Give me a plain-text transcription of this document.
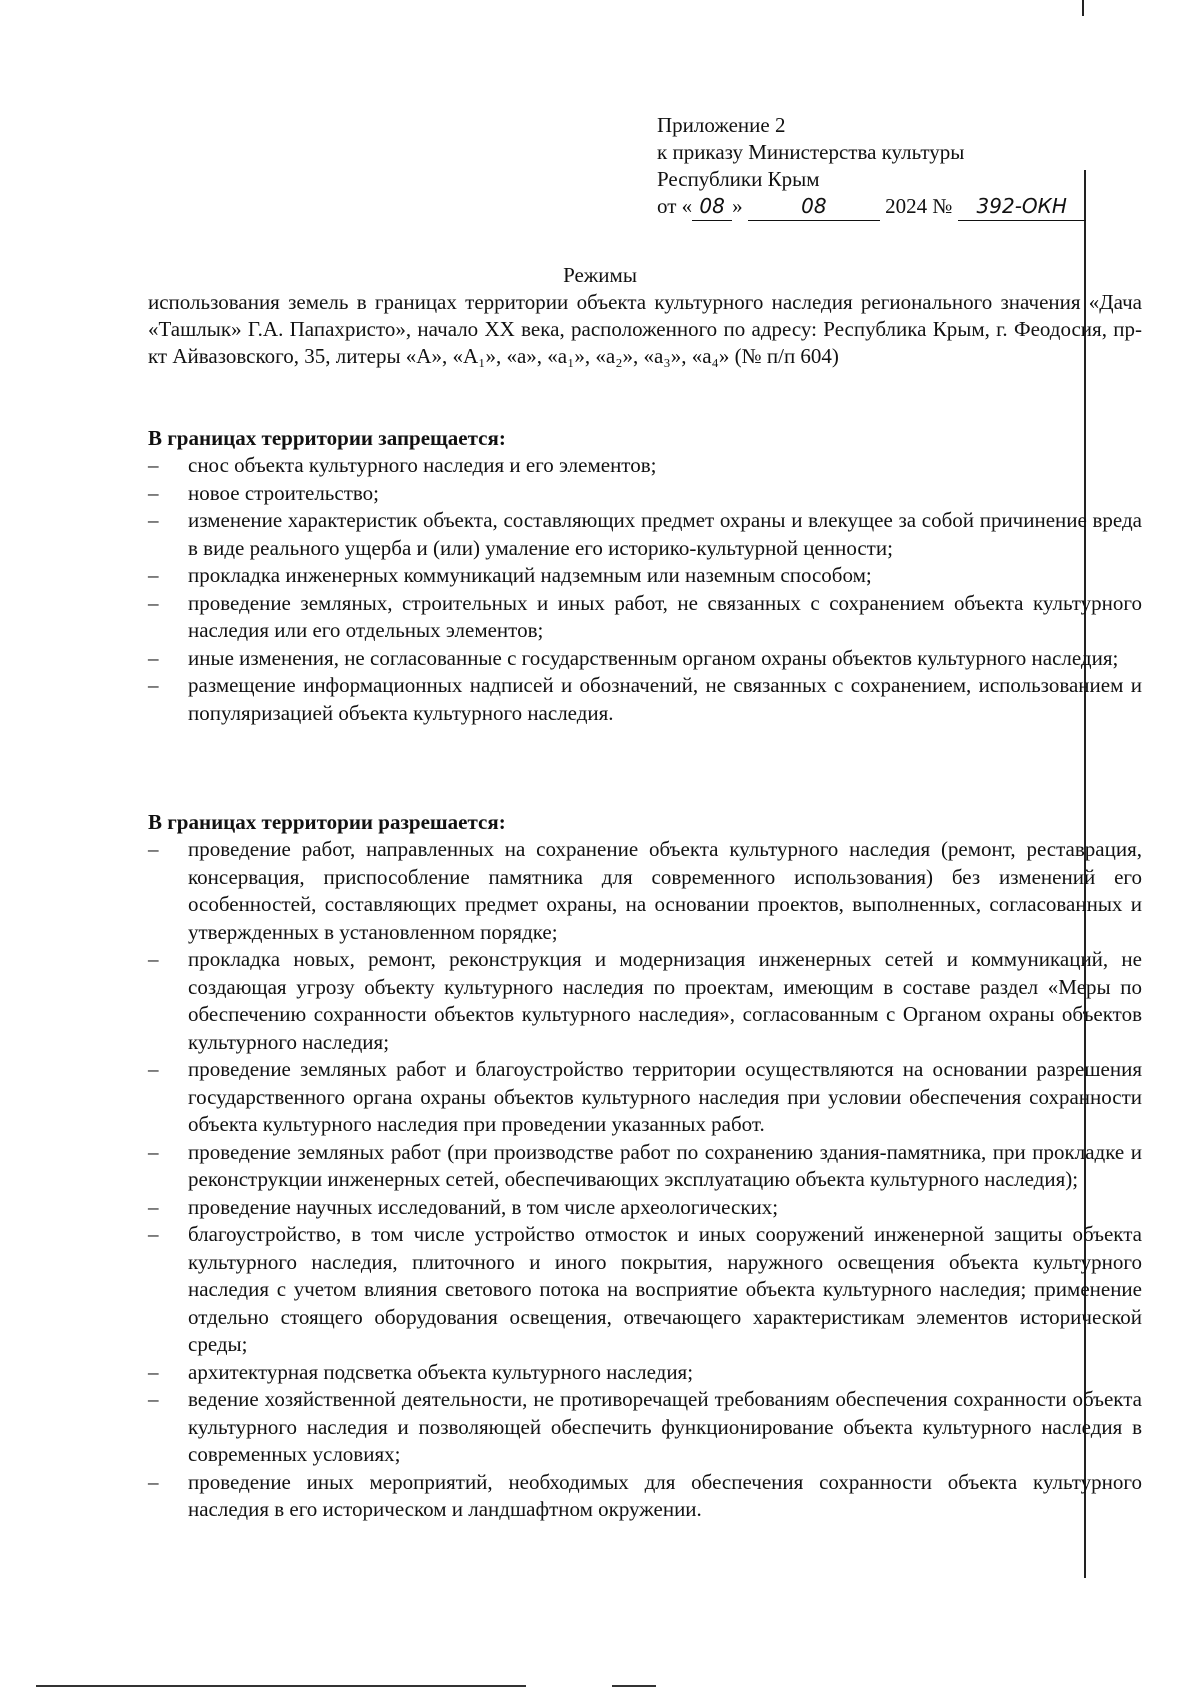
Приложение 2
к приказу Министерства культуры
Республики Крым
от « 08 »	08	2024 № 392-ОКН
Режимы

использования земель в границах территории объекта культурного наследия регионального значения «Дача «Ташлык» Г.А. Папахристо», начало XX века, расположенного по адресу: Республика Крым, г. Феодосия, пр-кт Айвазовского, 35, литеры «А», «А₁», «а», «а₁», «а₂», «а₃», «а₄» (№ п/п 604)

В границах территории запрещается:

– снос объекта культурного наследия и его элементов;
– новое строительство;
– изменение характеристик объекта, составляющих предмет охраны и влекущее за собой причинение вреда в виде реального ущерба и (или) умаление его историко-культурной ценности;
– прокладка инженерных коммуникаций надземным или наземным способом;
– проведение земляных, строительных и иных работ, не связанных с сохранением объекта культурного наследия или его отдельных элементов;
– иные изменения, не согласованные с государственным органом охраны объектов культурного наследия;
– размещение информационных надписей и обозначений, не связанных с сохранением, использованием и популяризацией объекта культурного наследия.

В границах территории разрешается:

– проведение работ, направленных на сохранение объекта культурного наследия (ремонт, реставрация, консервация, приспособление памятника для современного использования) без изменений его особенностей, составляющих предмет охраны, на основании проектов, выполненных, согласованных и утвержденных в установленном порядке;
– прокладка новых, ремонт, реконструкция и модернизация инженерных сетей и коммуникаций, не создающая угрозу объекту культурного наследия по проектам, имеющим в составе раздел «Меры по обеспечению сохранности объектов культурного наследия», согласованным с Органом охраны объектов культурного наследия;
– проведение земляных работ и благоустройство территории осуществляются на основании разрешения государственного органа охраны объектов культурного наследия при условии обеспечения сохранности объекта культурного наследия при проведении указанных работ.
– проведение земляных работ (при производстве работ по сохранению здания-памятника, при прокладке и реконструкции инженерных сетей, обеспечивающих эксплуатацию объекта культурного наследия);
– проведение научных исследований, в том числе археологических;
– благоустройство, в том числе устройство отмосток и иных сооружений инженерной защиты объекта культурного наследия, плиточного и иного покрытия, наружного освещения объекта культурного наследия с учетом влияния светового потока на восприятие объекта культурного наследия; применение отдельно стоящего оборудования освещения, отвечающего характеристикам элементов исторической среды;
– архитектурная подсветка объекта культурного наследия;
– ведение хозяйственной деятельности, не противоречащей требованиям обеспечения сохранности объекта культурного наследия и позволяющей обеспечить функционирование объекта культурного наследия в современных условиях;
– проведение иных мероприятий, необходимых для обеспечения сохранности объекта культурного наследия в его историческом и ландшафтном окружении.
